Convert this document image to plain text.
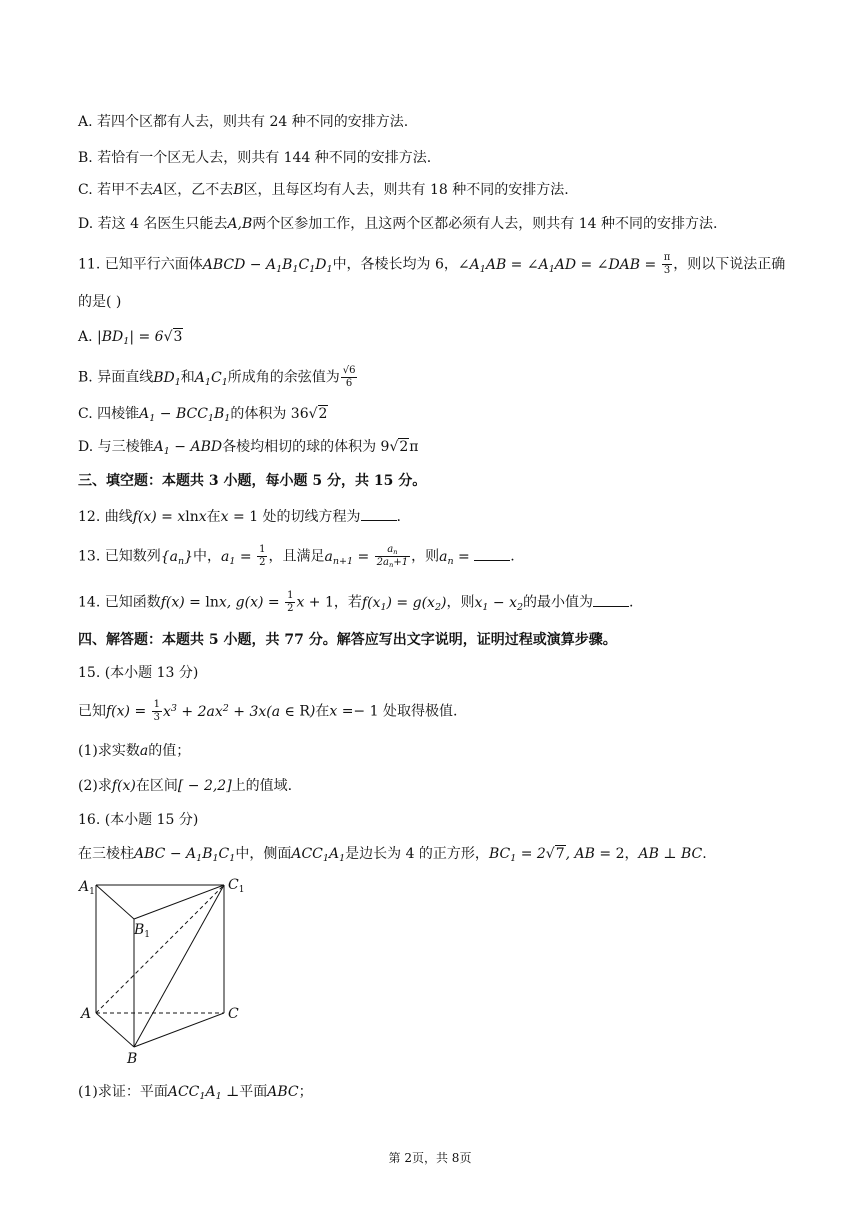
A. 若四个区都有人去，则共有 24 种不同的安排方法.
B. 若恰有一个区无人去，则共有 144 种不同的安排方法.
C. 若甲不去A区，乙不去B区，且每区均有人去，则共有 18 种不同的安排方法.
D. 若这 4 名医生只能去A,B两个区参加工作，且这两个区都必须有人去，则共有 14 种不同的安排方法.
11. 已知平行六面体ABCD − $A_1B_1C_1D_1$中，各棱长均为 6，$\angle A_1AB$ = $\angle A_1AD$ = ∠DAB = $\frac{\pi}{3}$ ，则以下说法正确
的是( )
A. $|BD_1| = 6√3$
B. 异面直线$BD_1$和$A_1C_1$所成角的余弦值为 $\frac{√6}{6}$
C. 四棱锥$A_1 - BCC_1B_1$的体积为 36√2
D. 与三棱锥$A_1$ − ABD各棱均相切的球的体积为 9√2π
三、填空题：本题共 3 小题，每小题 5 分，共 15 分。
12. 曲线f(x) = xlnx在x = 1 处的切线方程为	.
13. 已知数列$\{a_n\}$中，$a_1 = \frac{1}{2}$ ，且满足$a_{n+1} = \frac{a_n}{2a_n+1}$ ，则$a_n$ =	.
14. 已知函数f(x) = lnx, $g(x) = \frac{1}{2}$ x + 1，若$f(x_1) = g(x_2)$，则$x_1 - x_2$的最小值为	.
四、解答题：本题共 5 小题，共 77 分。解答应写出文字说明，证明过程或演算步骤。
15. (本小题 13 分)
已知$f(x) = \frac{1}{3} x^3 + 2ax^2 + 3x(a$ ∈ R)在x =− 1 处取得极值.
(1)求实数a的值；
(2)求f(x)在区间[ − 2,2]上的值域.
16. (本小题 15 分)
在三棱柱ABC − $A_1B_1C_1$中，侧面$ACC_1A_1$是边长为 4 的正方形，$BC_1 = 2√7$, AB = 2，AB ⊥ BC.
$A_1$	$C_1$
$B_1$
A	C
B
(1)求证：平面$ACC_1A_1$ ⊥平面ABC；
第 2页，共 8页
